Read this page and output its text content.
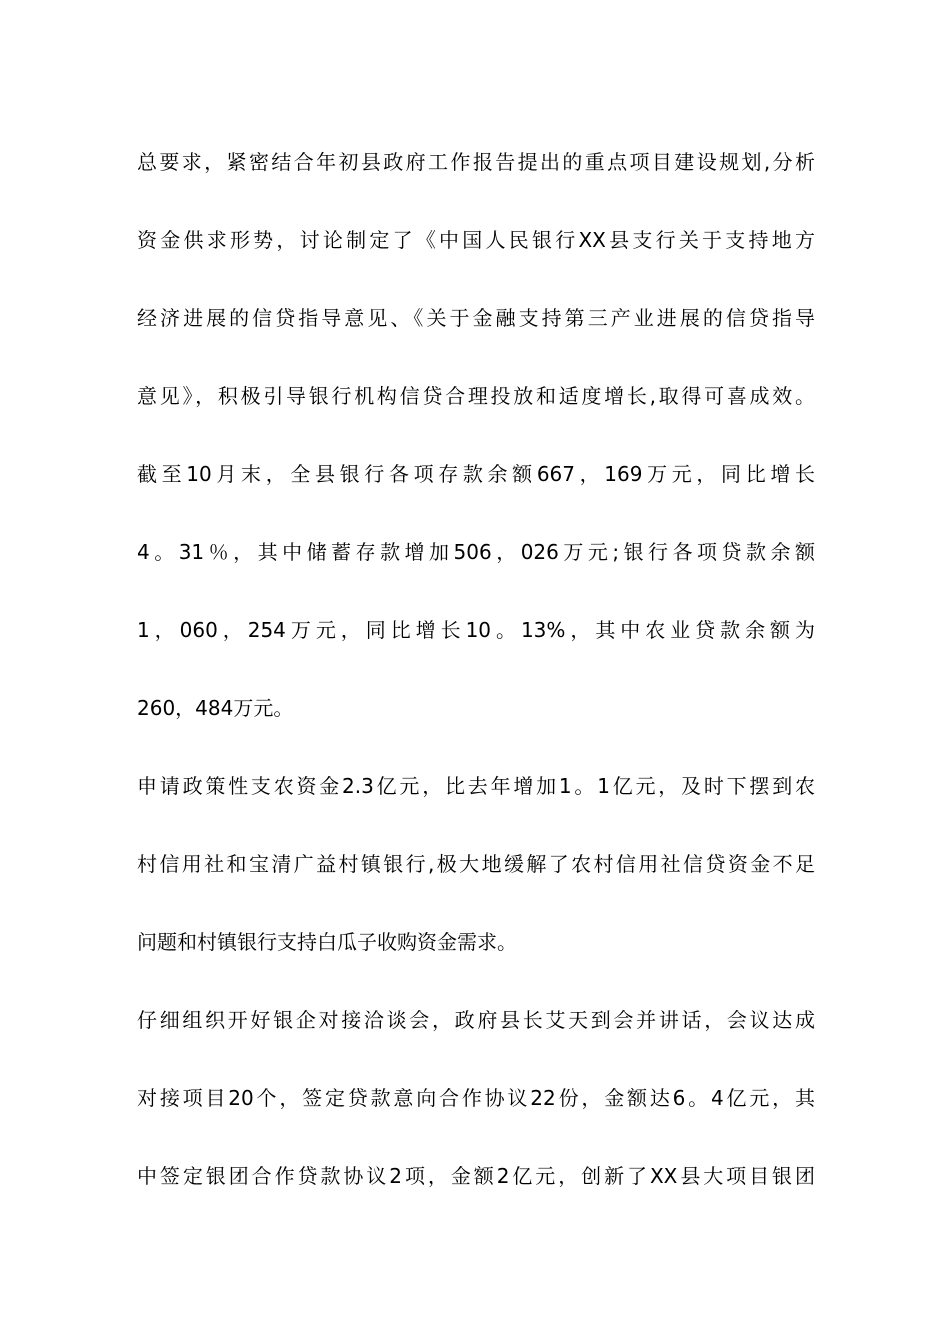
总要求，紧密结合年初县政府工作报告提出的重点项目建设规划,分析
资金供求形势，讨论制定了《中国人民银行XX县支行关于支持地方
经济进展的信贷指导意见、《关于金融支持第三产业进展的信贷指导
意见》，积极引导银行机构信贷合理投放和适度增长,取得可喜成效。
截至10月末，全县银行各项存款余额667，169万元，同比增长
4。31％，其中储蓄存款增加506，026万元;银行各项贷款余额
1，060，254万元，同比增长10。13%，其中农业贷款余额为
260，484万元。
申请政策性支农资金2.3亿元，比去年增加1。1亿元，及时下摆到农
村信用社和宝清广益村镇银行,极大地缓解了农村信用社信贷资金不足
问题和村镇银行支持白瓜子收购资金需求。
仔细组织开好银企对接洽谈会，政府县长艾天到会并讲话，会议达成
对接项目20个，签定贷款意向合作协议22份，金额达6。4亿元，其
中签定银团合作贷款协议2项，金额2亿元，创新了XX县大项目银团
